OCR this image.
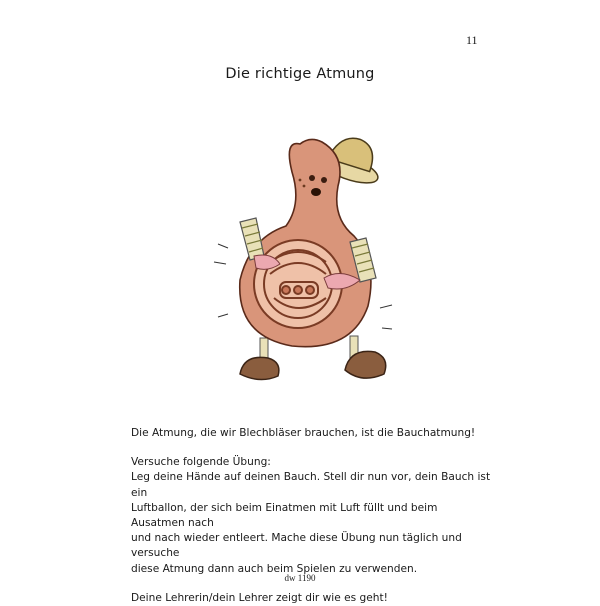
11
Die richtige Atmung

Die Atmung, die wir Blechbläser brauchen, ist die Bauchatmung!

Versuche folgende Übung:

Leg deine Hände auf deinen Bauch. Stell dir nun vor, dein Bauch ist ein

Luftballon, der sich beim Einatmen mit Luft füllt und beim Ausatmen nach

und nach wieder entleert. Mache diese Übung nun täglich und versuche

diese Atmung dann auch beim Spielen zu verwenden.

Deine Lehrerin/dein Lehrer zeigt dir wie es geht!

dw 1190
